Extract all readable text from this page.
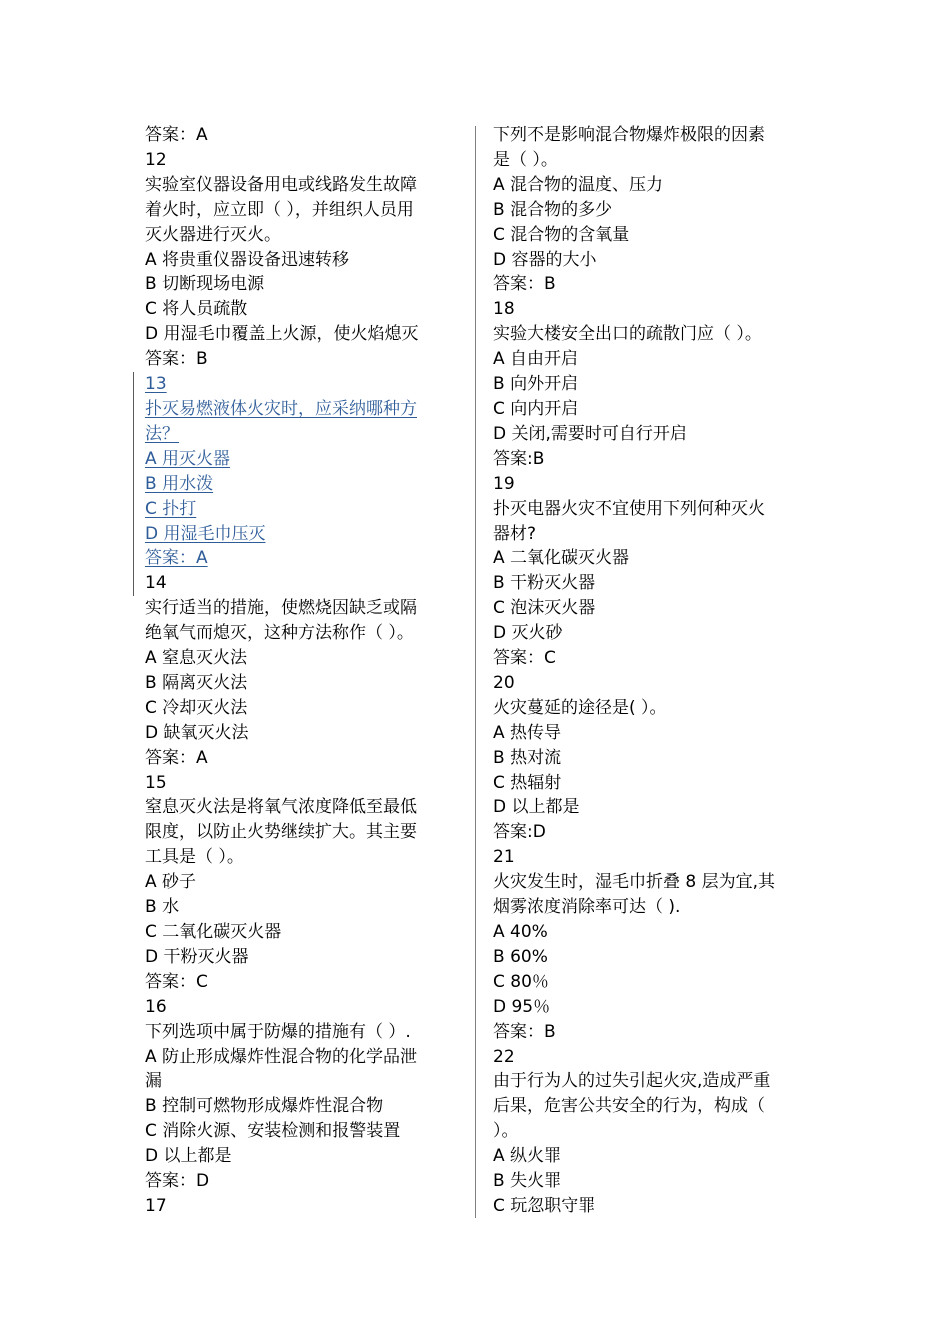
答案：A
12
实验室仪器设备用电或线路发生故障
着火时，应立即（ ），并组织人员用
灭火器进行灭火。
A 将贵重仪器设备迅速转移
B 切断现场电源
C 将人员疏散
D 用湿毛巾覆盖上火源，使火焰熄灭
答案：B
13
扑灭易燃液体火灾时，应采纳哪种方
法？
A 用灭火器
B 用水泼
C 扑打
D 用湿毛巾压灭
答案：A
14
实行适当的措施，使燃烧因缺乏或隔
绝氧气而熄灭，这种方法称作（ ）。
A 窒息灭火法
B 隔离灭火法
C 冷却灭火法
D 缺氧灭火法
答案：A
15
窒息灭火法是将氧气浓度降低至最低
限度，以防止火势继续扩大。其主要
工具是（ ）。
A 砂子
B 水
C 二氧化碳灭火器
D 干粉灭火器
答案：C
16
下列选项中属于防爆的措施有（ ）.
A 防止形成爆炸性混合物的化学品泄
漏
B 控制可燃物形成爆炸性混合物
C 消除火源、安装检测和报警装置
D 以上都是
答案：D
17
下列不是影响混合物爆炸极限的因素
是（ ）。
A 混合物的温度、压力
B 混合物的多少
C 混合物的含氧量
D 容器的大小
答案：B
18
实验大楼安全出口的疏散门应（ ）。
A 自由开启
B 向外开启
C 向内开启
D 关闭,需要时可自行开启
答案:B
19
扑灭电器火灾不宜使用下列何种灭火
器材?
A 二氧化碳灭火器
B 干粉灭火器
C 泡沫灭火器
D 灭火砂
答案：C
20
火灾蔓延的途径是( ）。
A 热传导
B 热对流
C 热辐射
D 以上都是
答案:D
21
火灾发生时，湿毛巾折叠 8 层为宜,其
烟雾浓度消除率可达（ ).
A 40%
B 60%
C 80％
D 95％
答案：B
22
由于行为人的过失引起火灾,造成严重
后果，危害公共安全的行为，构成（
）。
A 纵火罪
B 失火罪
C 玩忽职守罪
